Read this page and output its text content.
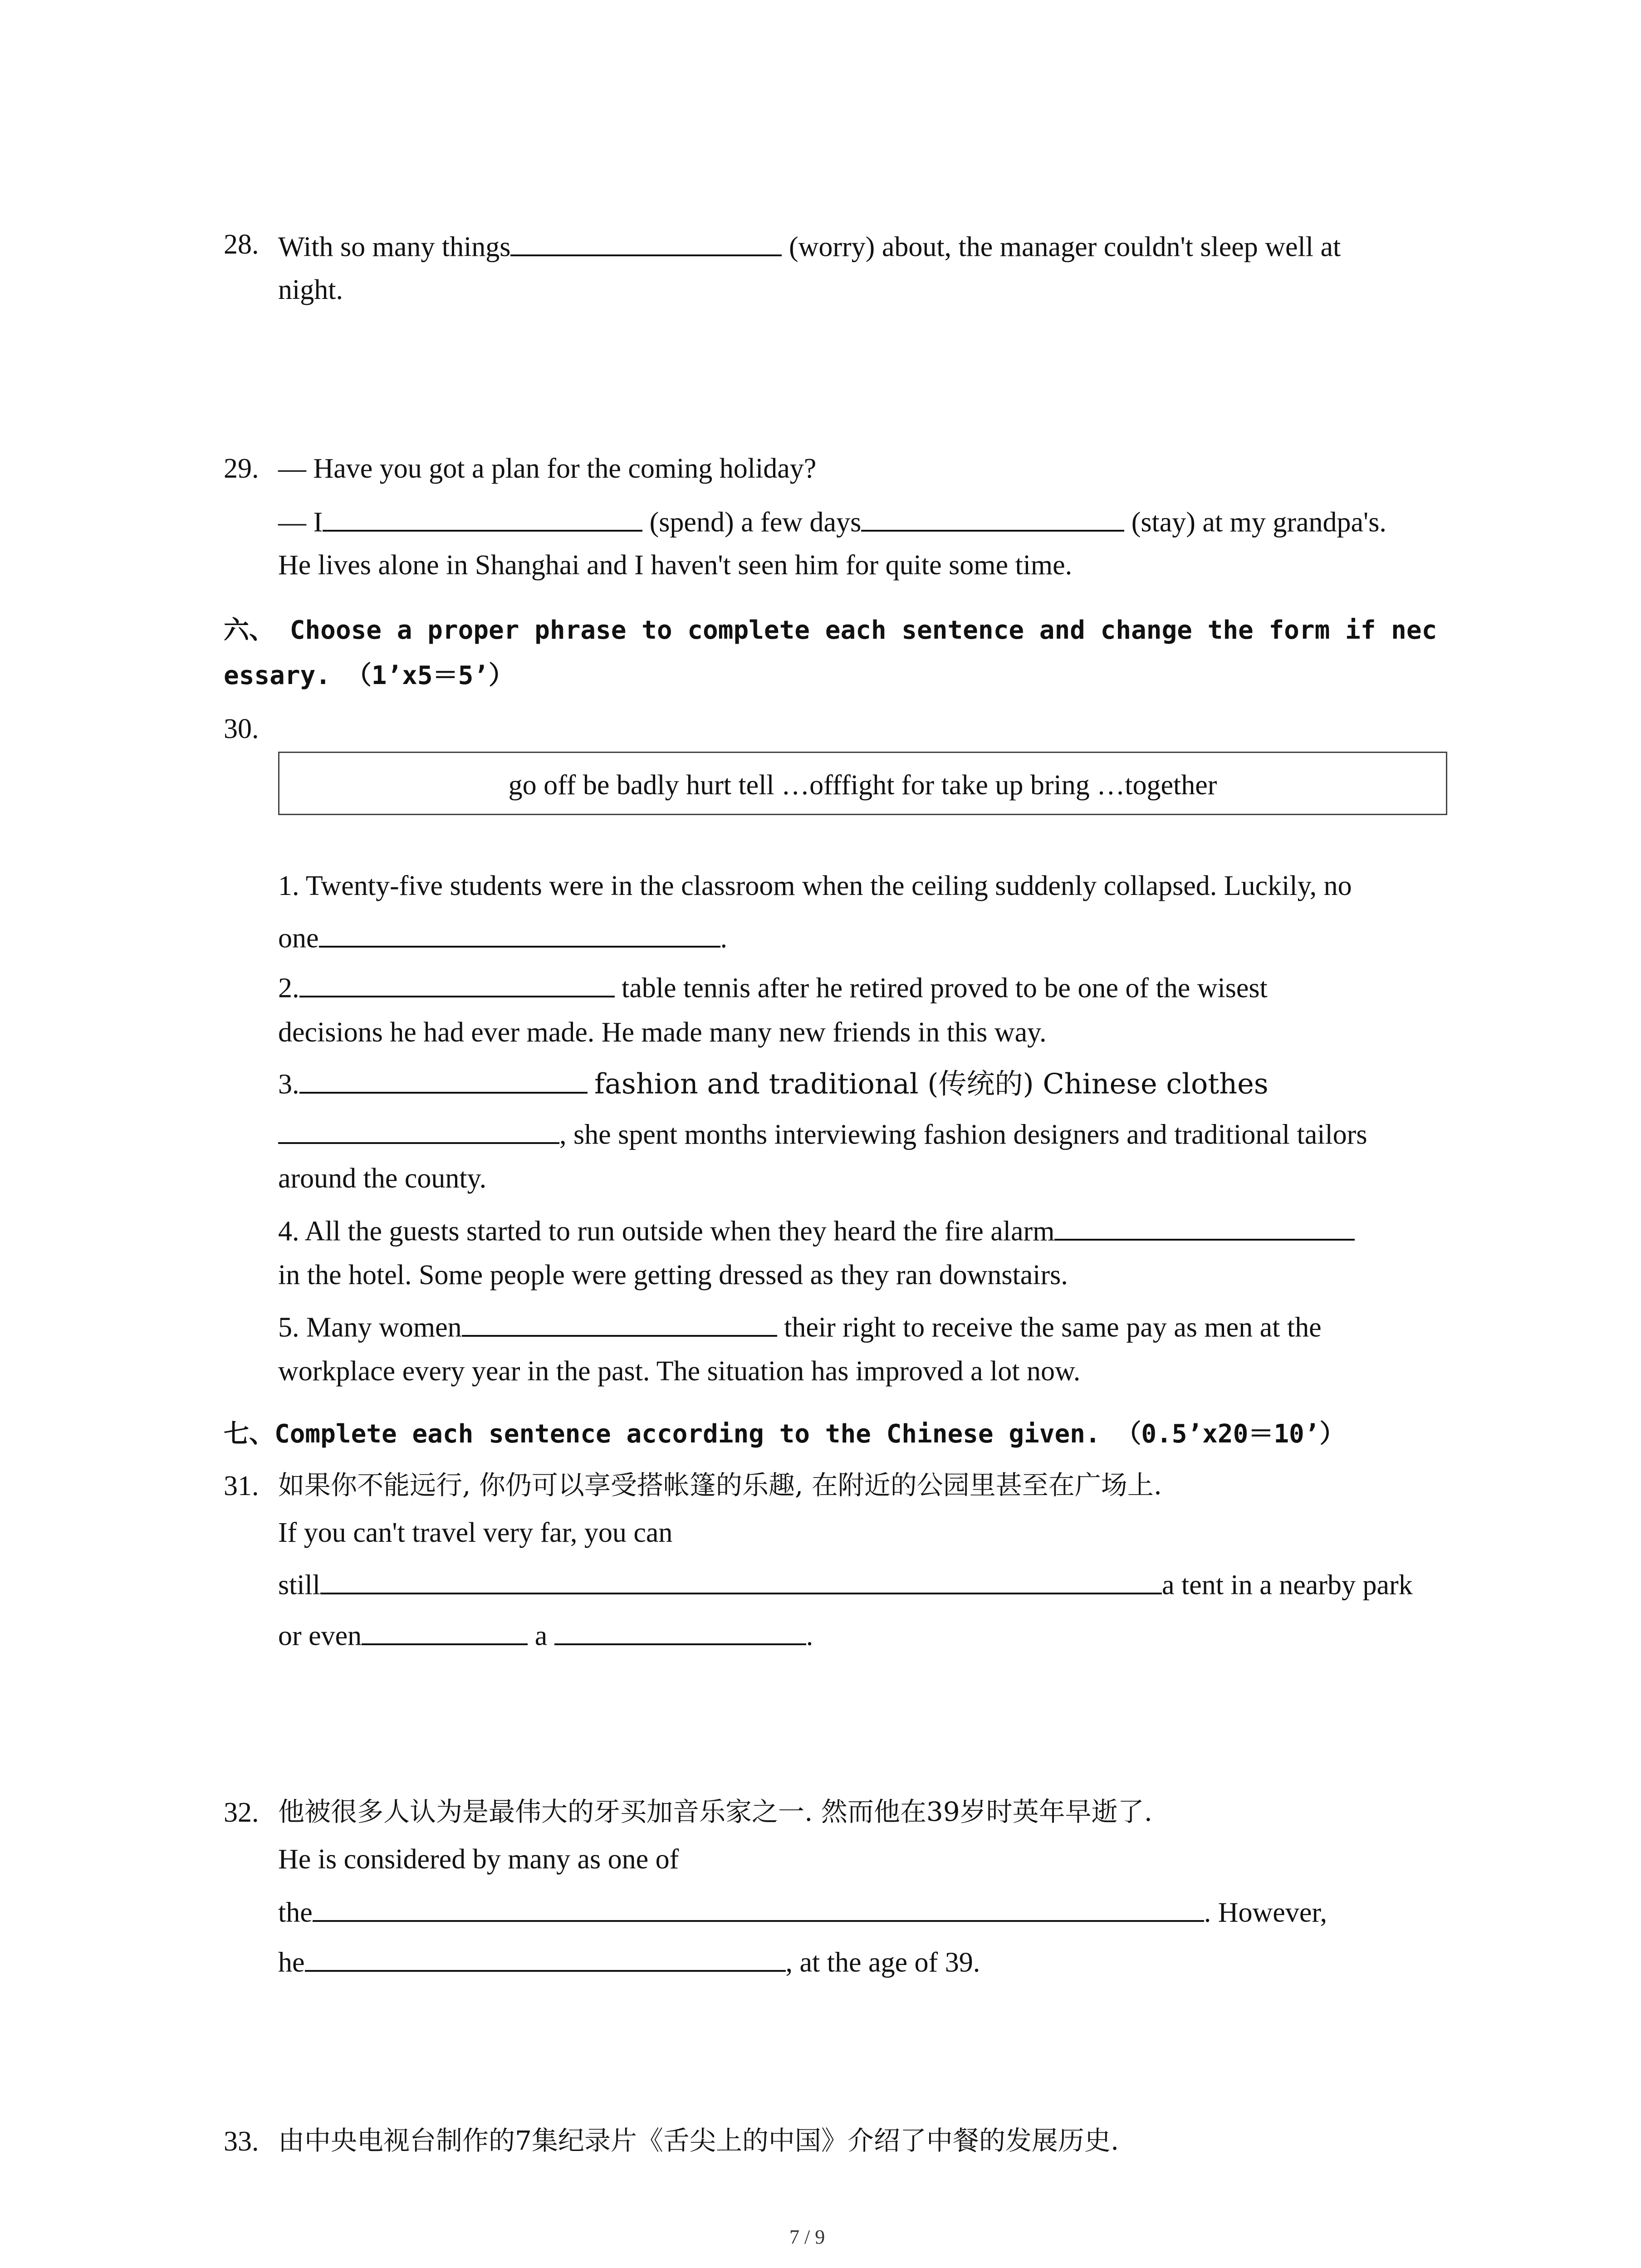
28. With so many things	(worry) about, the manager couldn't sleep well at
night.
29. — Have you got a plan for the coming holiday?
— I	(spend) a few days	(stay) at my grandpa's.
He lives alone in Shanghai and I haven't seen him for quite some time.
六、 Choose a proper phrase to complete each sentence and change the form if nec
essary. （1’x5＝5’）
30.
go off be badly hurt tell …offfight for take up bring …together
1. Twenty-five students were in the classroom when the ceiling suddenly collapsed. Luckily, no
one	.
2.	table tennis after he retired proved to be one of the wisest
decisions he had ever made. He made many new friends in this way.
3.	fashion and traditional (传统的) Chinese clothes
, she spent months interviewing fashion designers and traditional tailors
around the county.
4. All the guests started to run outside when they heard the fire alarm
in the hotel. Some people were getting dressed as they ran downstairs.
5. Many women	their right to receive the same pay as men at the
workplace every year in the past. The situation has improved a lot now.
七、Complete each sentence according to the Chinese given. （0.5’x20＝10’）
31. 如果你不能远行, 你仍可以享受搭帐篷的乐趣, 在附近的公园里甚至在广场上.
If you can't travel very far, you can
still	a tent in a nearby park
or even	a	.
32. 他被很多人认为是最伟大的牙买加音乐家之一. 然而他在39岁时英年早逝了.
He is considered by many as one of
the	. However,
he	, at the age of 39.
33. 由中央电视台制作的7集纪录片《舌尖上的中国》介绍了中餐的发展历史.
7 / 9
